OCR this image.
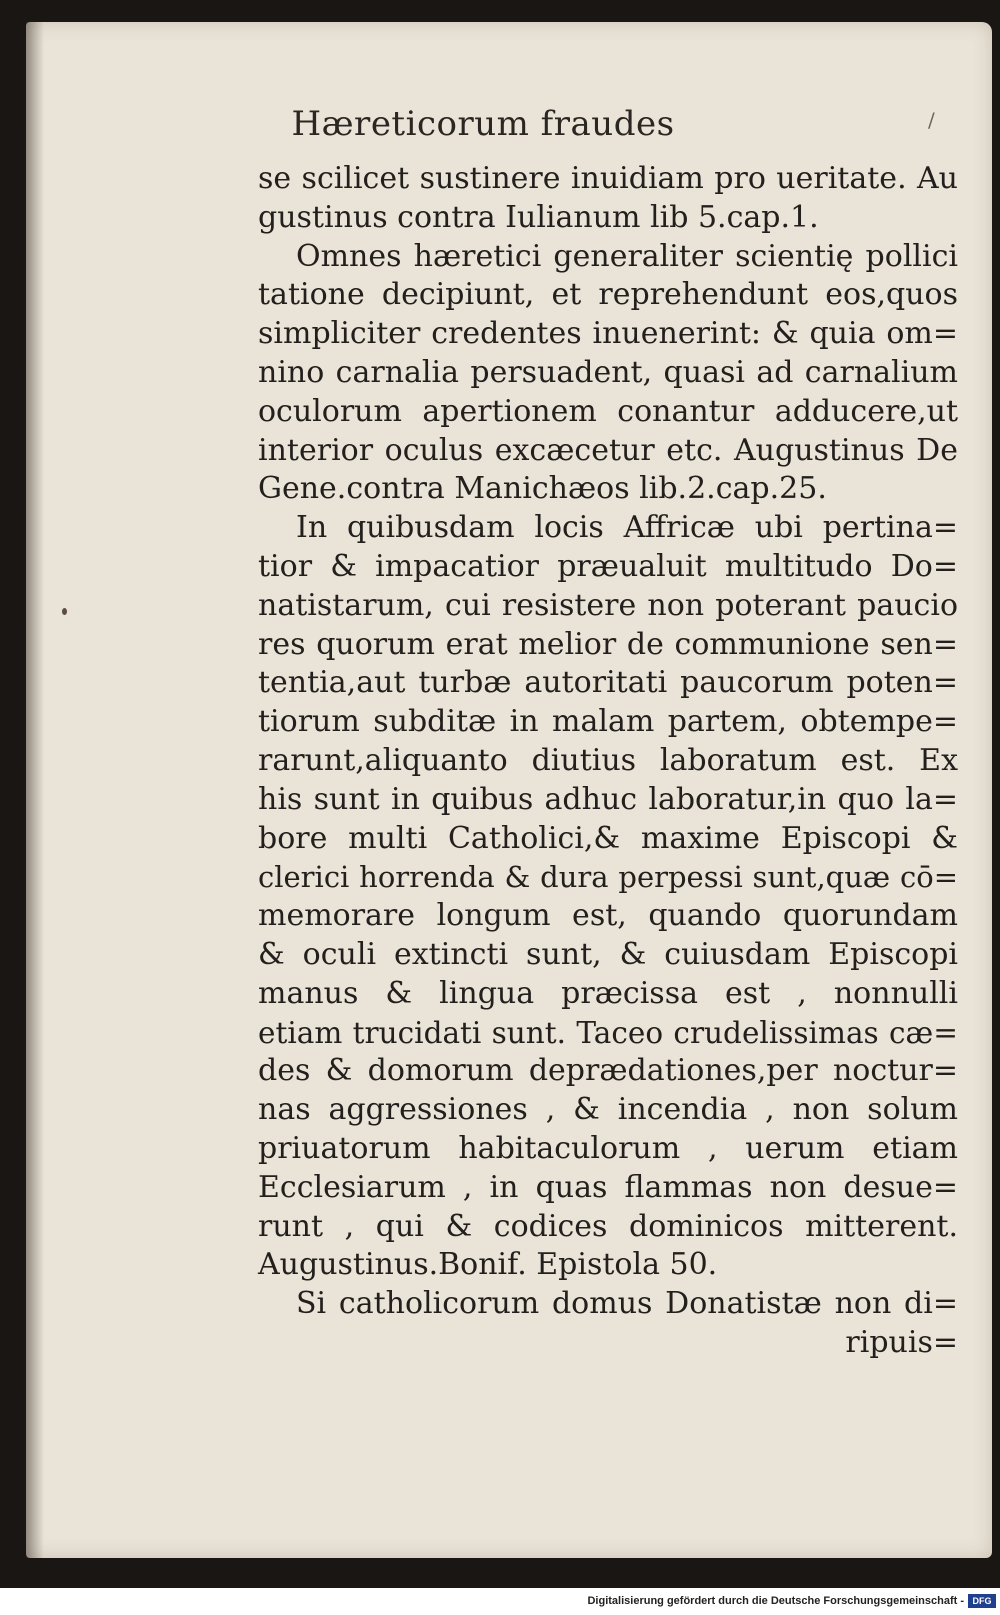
/
Hæreticorum fraudes
se scilicet sustinere inuidiam pro ueritate. Au
gustinus contra Iulianum lib 5.cap.1.
Omnes hæretici generaliter scientię pollici
tatione decipiunt, et reprehendunt eos,quos
simpliciter credentes inuenerint: & quia om=
nino carnalia persuadent, quasi ad carnalium
oculorum apertionem conantur adducere,ut
interior oculus excæcetur etc. Augustinus De
Gene.contra Manichæos lib.2.cap.25.
In quibusdam locis Affricæ ubi pertina=
tior & impacatior præualuit multitudo Do=
natistarum, cui resistere non poterant paucio
res quorum erat melior de communione sen=
tentia,aut turbæ autoritati paucorum poten=
tiorum subditæ in malam partem, obtempe=
rarunt,aliquanto diutius laboratum est. Ex
his sunt in quibus adhuc laboratur,in quo la=
bore multi Catholici,& maxime Episcopi &
clerici horrenda & dura perpessi sunt,quæ cō=
memorare longum est, quando quorundam
& oculi extincti sunt, & cuiusdam Episcopi
manus & lingua præcissa est , nonnulli
etiam trucidati sunt. Taceo crudelissimas cæ=
des & domorum deprædationes,per noctur=
nas aggressiones , & incendia , non solum
priuatorum habitaculorum , uerum etiam
Ecclesiarum , in quas flammas non desue=
runt , qui & codices dominicos mitterent.
Augustinus.Bonif. Epistola 50.
Si catholicorum domus Donatistæ non di=
ripuis=
Digitalisierung gefördert durch die Deutsche Forschungsgemeinschaft - DFG
